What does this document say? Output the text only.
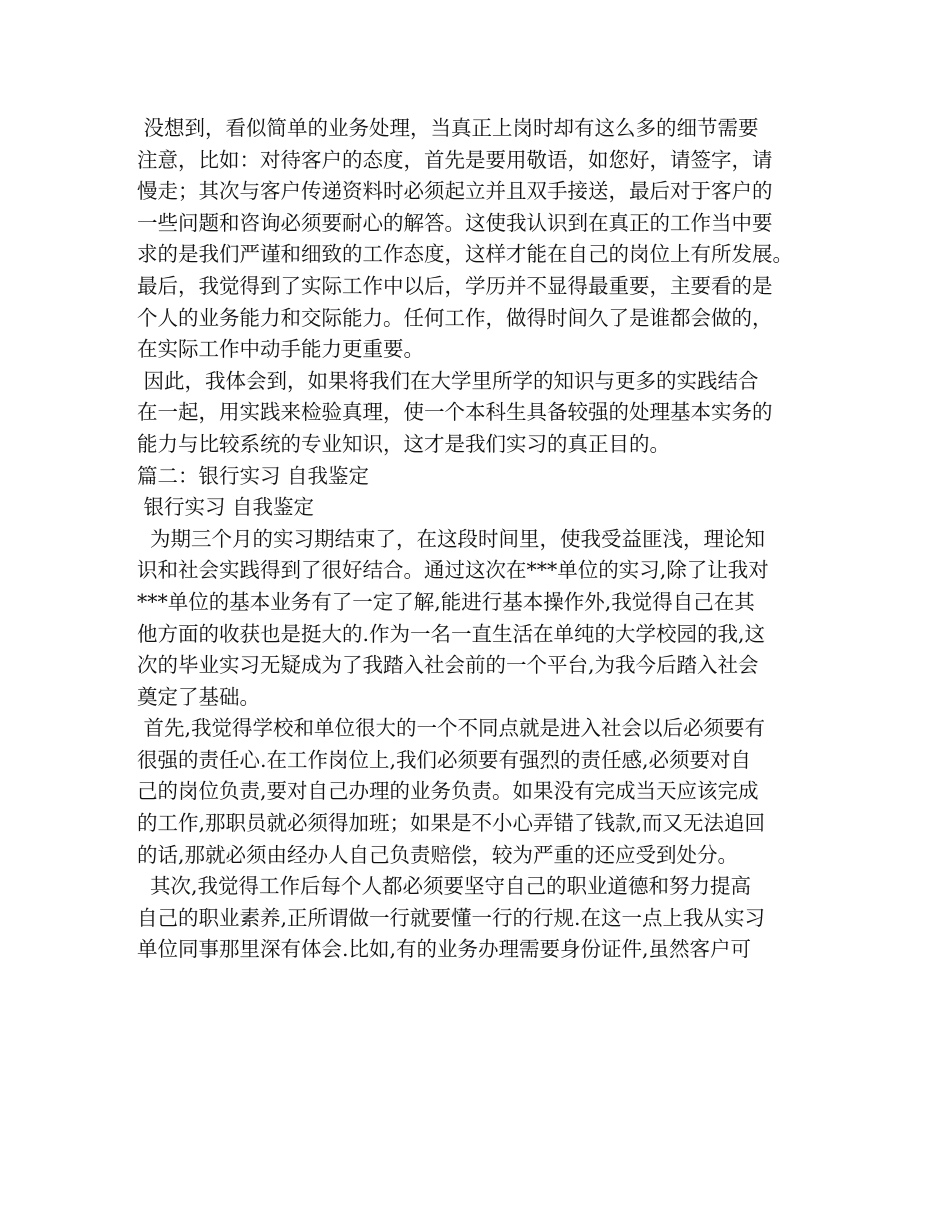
没想到，看似简单的业务处理，当真正上岗时却有这么多的细节需要
注意，比如：对待客户的态度，首先是要用敬语，如您好，请签字，请
慢走；其次与客户传递资料时必须起立并且双手接送，最后对于客户的
一些问题和咨询必须要耐心的解答。这使我认识到在真正的工作当中要
求的是我们严谨和细致的工作态度，这样才能在自己的岗位上有所发展。
最后，我觉得到了实际工作中以后，学历并不显得最重要，主要看的是
个人的业务能力和交际能力。任何工作，做得时间久了是谁都会做的，
在实际工作中动手能力更重要。
因此，我体会到，如果将我们在大学里所学的知识与更多的实践结合
在一起，用实践来检验真理，使一个本科生具备较强的处理基本实务的
能力与比较系统的专业知识，这才是我们实习的真正目的。
篇二：银行实习 自我鉴定
银行实习 自我鉴定
为期三个月的实习期结束了，在这段时间里，使我受益匪浅，理论知
识和社会实践得到了很好结合。通过这次在***单位的实习,除了让我对
***单位的基本业务有了一定了解,能进行基本操作外,我觉得自己在其
他方面的收获也是挺大的.作为一名一直生活在单纯的大学校园的我,这
次的毕业实习无疑成为了我踏入社会前的一个平台,为我今后踏入社会
奠定了基础。
首先,我觉得学校和单位很大的一个不同点就是进入社会以后必须要有
很强的责任心.在工作岗位上,我们必须要有强烈的责任感,必须要对自
己的岗位负责,要对自己办理的业务负责。如果没有完成当天应该完成
的工作,那职员就必须得加班；如果是不小心弄错了钱款,而又无法追回
的话,那就必须由经办人自己负责赔偿，较为严重的还应受到处分。
其次,我觉得工作后每个人都必须要坚守自己的职业道德和努力提高
自己的职业素养,正所谓做一行就要懂一行的行规.在这一点上我从实习
单位同事那里深有体会.比如,有的业务办理需要身份证件,虽然客户可
